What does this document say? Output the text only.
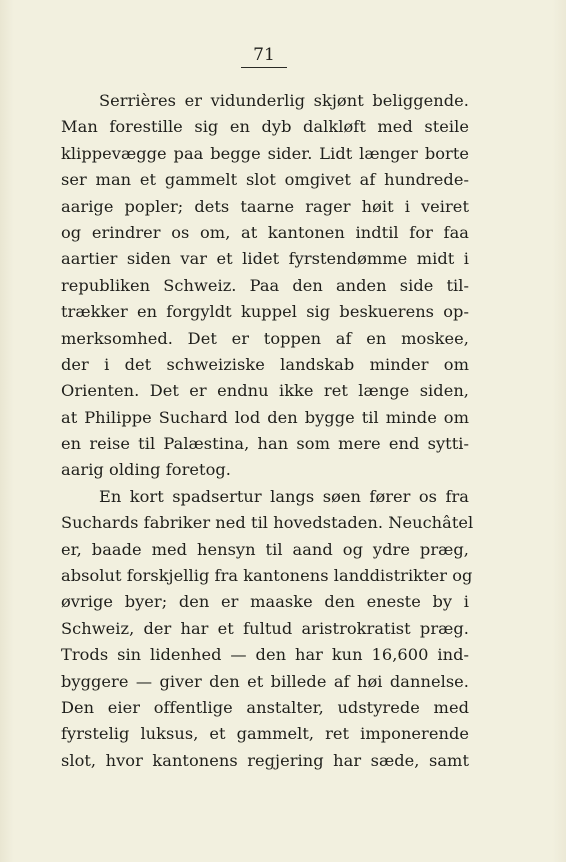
71
Serrières er vidunderlig skjønt beliggende.
Man forestille sig en dyb dalkløft med steile
klippevægge paa begge sider. Lidt længer borte
ser man et gammelt slot omgivet af hundrede-
aarige popler; dets taarne rager høit i veiret
og erindrer os om, at kantonen indtil for faa
aartier siden var et lidet fyrstendømme midt i
republiken Schweiz. Paa den anden side til-
trækker en forgyldt kuppel sig beskuerens op-
merksomhed. Det er toppen af en moskee,
der i det schweiziske landskab minder om
Orienten. Det er endnu ikke ret længe siden,
at Philippe Suchard lod den bygge til minde om
en reise til Palæstina, han som mere end sytti-
aarig olding foretog.
En kort spadsertur langs søen fører os fra
Suchards fabriker ned til hovedstaden. Neuchâtel
er, baade med hensyn til aand og ydre præg,
absolut forskjellig fra kantonens landdistrikter og
øvrige byer; den er maaske den eneste by i
Schweiz, der har et fultud aristrokratist præg.
Trods sin lidenhed — den har kun 16,600 ind-
byggere — giver den et billede af høi dannelse.
Den eier offentlige anstalter, udstyrede med
fyrstelig luksus, et gammelt, ret imponerende
slot, hvor kantonens regjering har sæde, samt
